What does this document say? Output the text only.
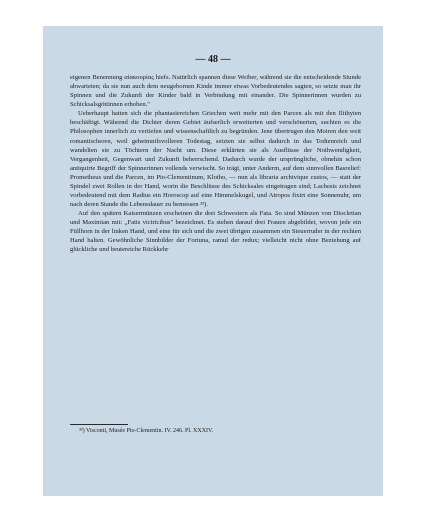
— 48 —

eigenen Benennung αἰακουρίας hiefs. Natürlich spannen diese Weiber, während sie die entscheidende Stunde abwarteten; da sie nun auch dem neugebornen Kinde immer etwas Vorbedeutendes sagten, so setzte man ihr Spinnen und die Zukunft der Kinder bald in Verbindung mit einander. Die Spinnerinnen wurden zu Schicksalsgöttinnen erhoben."

Ueberhaupt hatten sich die phantasiereichen Griechen weit mehr mit den Parcen als mit den Ilithyien beschäftigt. Während die Dichter deren Gebiet äufserlich erweiterten und verschönerten, suchten es die Philosophen innerlich zu vertiefen und wissenschaftlich zu begründen. Jene übertrugen den Moiren den weit romantischeren, weil geheimnifsvolleren Todestag, setzten sie selbst dadurch in das Todtenreich und wandelten sie zu Töchtern der Nacht um. Diese erklärten sie als Ausflüsse der Nothwendigkeit, Vergangenheit, Gegenwart und Zukunft beherrschend. Dadurch wurde der ursprüngliche, obnehin schon antiquirte Begriff der Spinnerinnen vollends verwischt. So trägt, unter Anderm, auf dem sinnvollen Basrelief: Prometheus und die Parcen, im Pio-Clementinum, Klotho, — nun als libraria archivique custos, — statt der Spindel zwei Rollen in der Hand, worin die Beschlüsse des Schicksales eingetragen sind; Lachesis zeichnet vorbedeutend mit dem Radius ein Horoscop auf eine Himmelskugel, und Atropos fixirt eine Sonnenuhr, um nach deren Stande die Lebensdauer zu bemessen ³³).

Auf den spätern Kaisermünzen erscheinen die drei Schwestern als Fata. So sind Münzen von Diocletian und Maximian mit: „Fatis victricibus" bezeichnet. Es stehen darauf drei Frauen abgebildet, wovon jede ein Füllhorn in der linken Hand, und eine für sich und die zwei übrigen zusammen ein Steuerruder in der rechten Hand halten. Gewöhnliche Sinnbilder der Fortuna, ramul der redux; vielleicht nicht ohne Beziehung auf glückliche und beutereiche Rückkehr

³³) Visconti, Musée Pio-Clementin. IV. 246. Pl. XXXIV.
